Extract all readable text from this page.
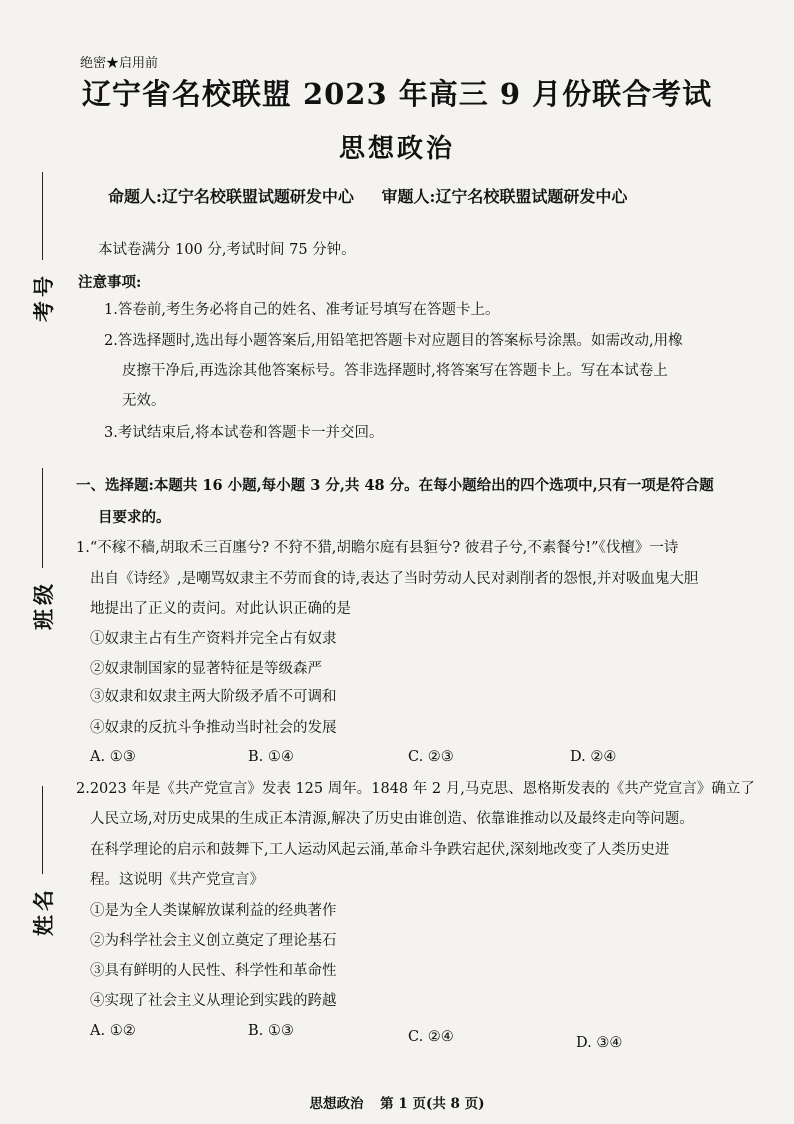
考号
班级
姓名
绝密★启用前
辽宁省名校联盟 2023 年高三 9 月份联合考试
思想政治
命题人:辽宁名校联盟试题研发中心 审题人:辽宁名校联盟试题研发中心
本试卷满分 100 分,考试时间 75 分钟。
注意事项:
1.答卷前,考生务必将自己的姓名、准考证号填写在答题卡上。
2.答选择题时,选出每小题答案后,用铅笔把答题卡对应题目的答案标号涂黑。如需改动,用橡
皮擦干净后,再选涂其他答案标号。答非选择题时,将答案写在答题卡上。写在本试卷上
无效。
3.考试结束后,将本试卷和答题卡一并交回。
一、选择题:本题共 16 小题,每小题 3 分,共 48 分。在每小题给出的四个选项中,只有一项是符合题
目要求的。
1.“不稼不穑,胡取禾三百廛兮? 不狩不猎,胡瞻尔庭有县貆兮? 彼君子兮,不素餐兮!”《伐檀》一诗
出自《诗经》,是嘲骂奴隶主不劳而食的诗,表达了当时劳动人民对剥削者的怨恨,并对吸血鬼大胆
地提出了正义的责问。对此认识正确的是
①奴隶主占有生产资料并完全占有奴隶
②奴隶制国家的显著特征是等级森严
③奴隶和奴隶主两大阶级矛盾不可调和
④奴隶的反抗斗争推动当时社会的发展
A. ①③	B. ①④	C. ②③	D. ②④
2.2023 年是《共产党宣言》发表 125 周年。1848 年 2 月,马克思、恩格斯发表的《共产党宣言》确立了
人民立场,对历史成果的生成正本清源,解决了历史由谁创造、依靠谁推动以及最终走向等问题。
在科学理论的启示和鼓舞下,工人运动风起云涌,革命斗争跌宕起伏,深刻地改变了人类历史进
程。这说明《共产党宣言》
①是为全人类谋解放谋利益的经典著作
②为科学社会主义创立奠定了理论基石
③具有鲜明的人民性、科学性和革命性
④实现了社会主义从理论到实践的跨越
A. ①②	B. ①③	C. ②④	D. ③④
思想政治 第 1 页(共 8 页)
